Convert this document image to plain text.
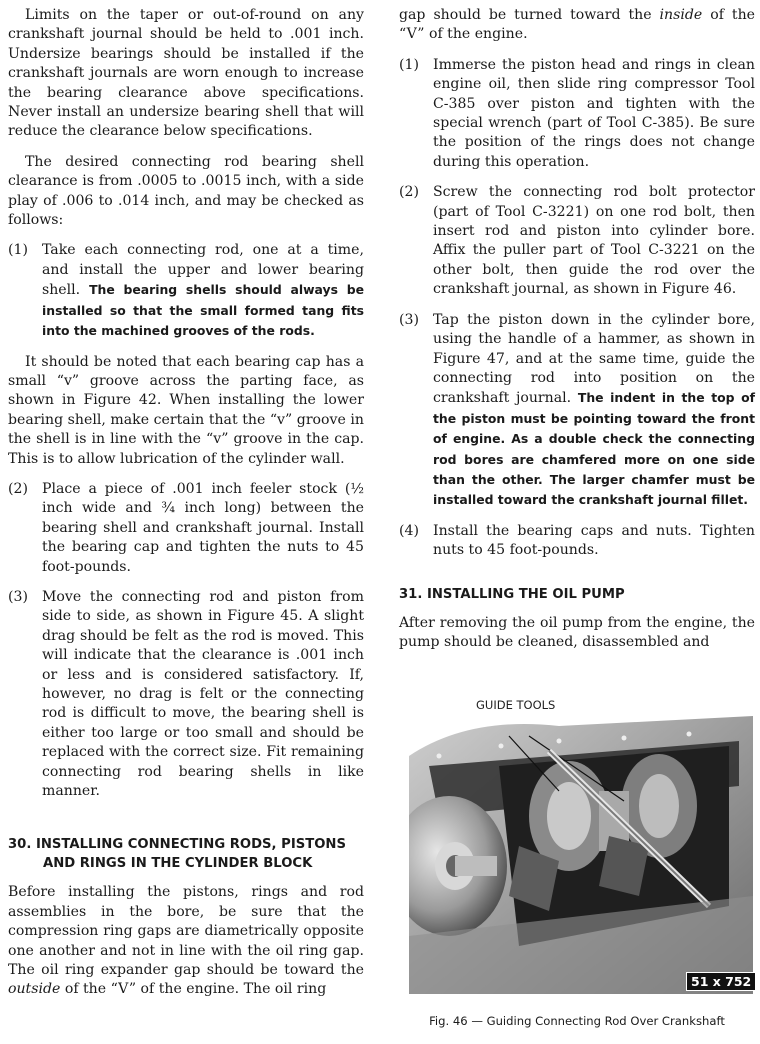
Limits on the taper or out-of-round on any crankshaft journal should be held to .001 inch. Undersize bearings should be installed if the crankshaft journals are worn enough to increase the bearing clearance above specifications. Never install an undersize bearing shell that will reduce the clearance below specifications.

The desired connecting rod bearing shell clearance is from .0005 to .0015 inch, with a side play of .006 to .014 inch, and may be checked as follows:

(1) Take each connecting rod, one at a time, and install the upper and lower bearing shell. The bearing shells should always be installed so that the small formed tang fits into the machined grooves of the rods.

It should be noted that each bearing cap has a small “v” groove across the parting face, as shown in Figure 42. When installing the lower bearing shell, make certain that the “v” groove in the shell is in line with the “v” groove in the cap. This is to allow lubrication of the cylinder wall.

(2) Place a piece of .001 inch feeler stock (½ inch wide and ¾ inch long) between the bearing shell and crankshaft journal. Install the bearing cap and tighten the nuts to 45 foot-pounds.

(3) Move the connecting rod and piston from side to side, as shown in Figure 45. A slight drag should be felt as the rod is moved. This will indicate that the clearance is .001 inch or less and is considered satisfactory. If, however, no drag is felt or the connecting rod is difficult to move, the bearing shell is either too large or too small and should be replaced with the correct size. Fit remaining connecting rod bearing shells in like manner.

30. INSTALLING CONNECTING RODS, PISTONS
AND RINGS IN THE CYLINDER BLOCK

Before installing the pistons, rings and rod assemblies in the bore, be sure that the compression ring gaps are diametrically opposite one another and not in line with the oil ring gap. The oil ring expander gap should be toward the outside of the “V” of the engine. The oil ring

gap should be turned toward the inside of the “V” of the engine.

(1) Immerse the piston head and rings in clean engine oil, then slide ring compressor Tool C-385 over piston and tighten with the special wrench (part of Tool C-385). Be sure the position of the rings does not change during this operation.

(2) Screw the connecting rod bolt protector (part of Tool C-3221) on one rod bolt, then insert rod and piston into cylinder bore. Affix the puller part of Tool C-3221 on the other bolt, then guide the rod over the crankshaft journal, as shown in Figure 46.

(3) Tap the piston down in the cylinder bore, using the handle of a hammer, as shown in Figure 47, and at the same time, guide the connecting rod into position on the crankshaft journal. The indent in the top of the piston must be pointing toward the front of engine. As a double check the connecting rod bores are chamfered more on one side than the other. The larger chamfer must be installed toward the crankshaft journal fillet.

(4) Install the bearing caps and nuts. Tighten nuts to 45 foot-pounds.

31. INSTALLING THE OIL PUMP

After removing the oil pump from the engine, the pump should be cleaned, disassembled and

GUIDE TOOLS
51 x 752
Fig. 46 — Guiding Connecting Rod Over Crankshaft
